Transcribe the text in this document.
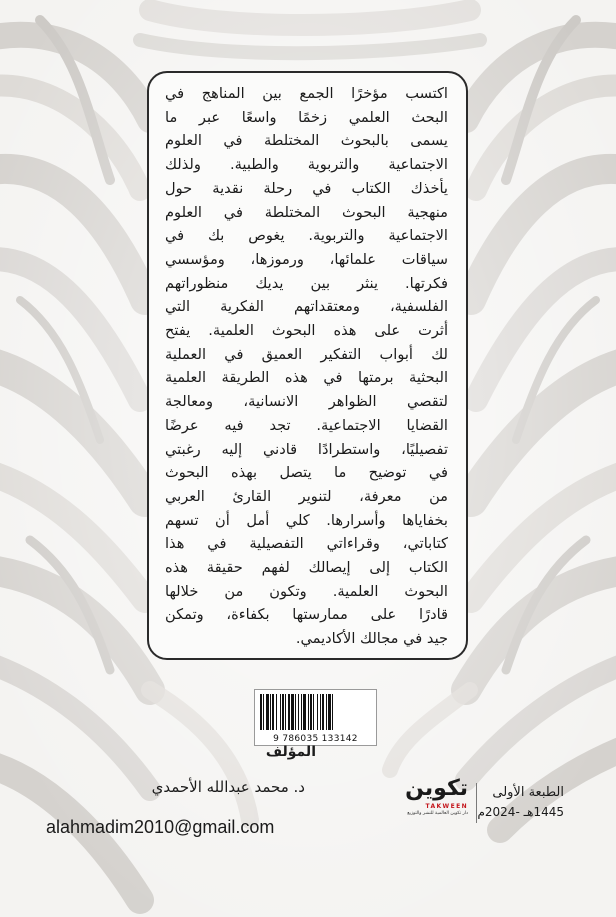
اكتسب مؤخرًا الجمع بين المناهج في
البحث العلمي زخمًا واسعًا عبر ما
يسمى بالبحوث المختلطة في العلوم
الاجتماعية والتربوية والطبية. ولذلك
يأخذك الكتاب في رحلة نقدية حول
منهجية البحوث المختلطة في العلوم
الاجتماعية والتربوية. يغوص بك في
سياقات علمائها، ورموزها، ومؤسسي
فكرتها. ينثر بين يديك منظوراتهم
الفلسفية، ومعتقداتهم الفكرية التي
أثرت على هذه البحوث العلمية. يفتح
لك أبواب التفكير العميق في العملية
البحثية برمتها في هذه الطريقة العلمية
لتقصي الظواهر الانسانية، ومعالجة
القضايا الاجتماعية. تجد فيه عرضًا
تفصيليًا، واستطرادًا قادني إليه رغبتي
في توضيح ما يتصل بهذه البحوث
من معرفة، لتنوير القارئ العربي
بخفاياها وأسرارها. كلي أمل أن تسهم
كتاباتي، وقراءاتي التفصيلية في هذا
الكتاب إلى إيصالك لفهم حقيقة هذه
البحوث العلمية. وتكون من خلالها
قادرًا على ممارستها بكفاءة، وتمكن
جيد في مجالك الأكاديمي.
9 786035 133142
المؤلف
د. محمد عبدالله الأحمدي
alahmadim2010@gmail.com
تكوين
TAKWEEN
دار تكوين العالمية للنشر والتوزيع
الطبعة الأولى
1445هـ -2024م
